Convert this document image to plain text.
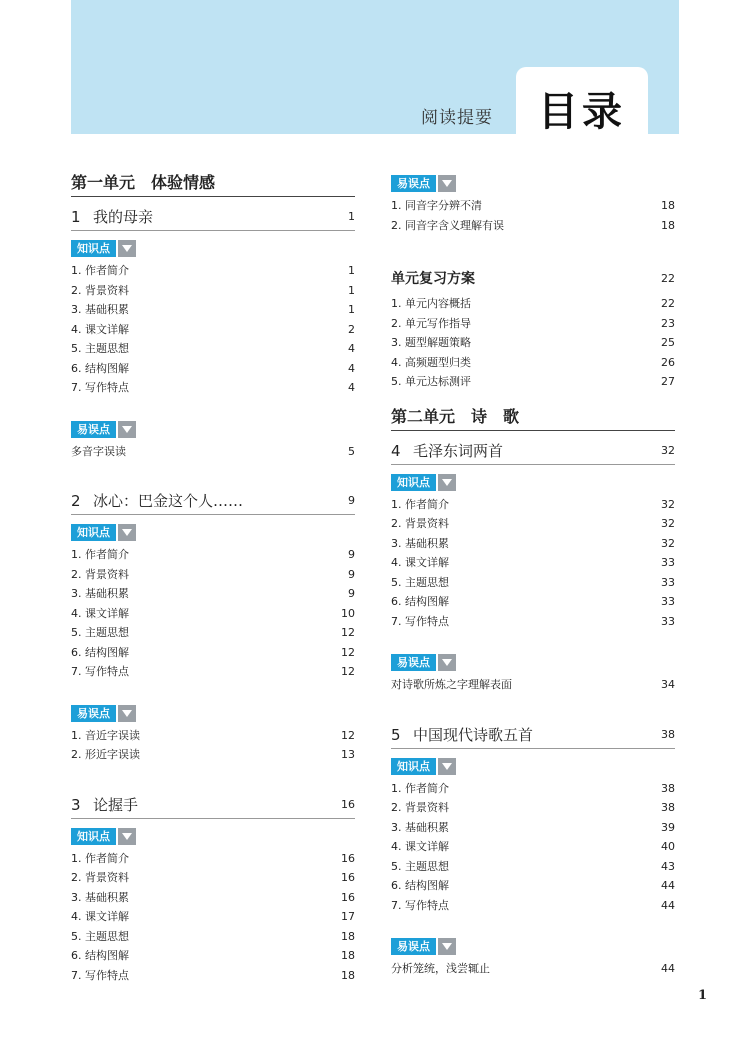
阅读提要 目录
第一单元　体验情感
1 我的母亲	1
知识点
1. 作者简介	1
2. 背景资料	1
3. 基础积累	1
4. 课文详解	2
5. 主题思想	4
6. 结构图解	4
7. 写作特点	4
易误点
多音字误读	5
2 冰心：巴金这个人……	9
知识点
1. 作者简介	9
2. 背景资料	9
3. 基础积累	9
4. 课文详解	10
5. 主题思想	12
6. 结构图解	12
7. 写作特点	12
易误点
1. 音近字误读	12
2. 形近字误读	13
3 论握手	16
知识点
1. 作者简介	16
2. 背景资料	16
3. 基础积累	16
4. 课文详解	17
5. 主题思想	18
6. 结构图解	18
7. 写作特点	18
易误点
1. 同音字分辨不清	18
2. 同音字含义理解有误	18
单元复习方案	22
1. 单元内容概括	22
2. 单元写作指导	23
3. 题型解题策略	25
4. 高频题型归类	26
5. 单元达标测评	27
第二单元　诗　歌
4 毛泽东词两首	32
知识点
1. 作者简介	32
2. 背景资料	32
3. 基础积累	32
4. 课文详解	33
5. 主题思想	33
6. 结构图解	33
7. 写作特点	33
易误点
对诗歌所炼之字理解表面	34
5 中国现代诗歌五首	38
知识点
1. 作者简介	38
2. 背景资料	38
3. 基础积累	39
4. 课文详解	40
5. 主题思想	43
6. 结构图解	44
7. 写作特点	44
易误点
分析笼统，浅尝辄止	44
1
